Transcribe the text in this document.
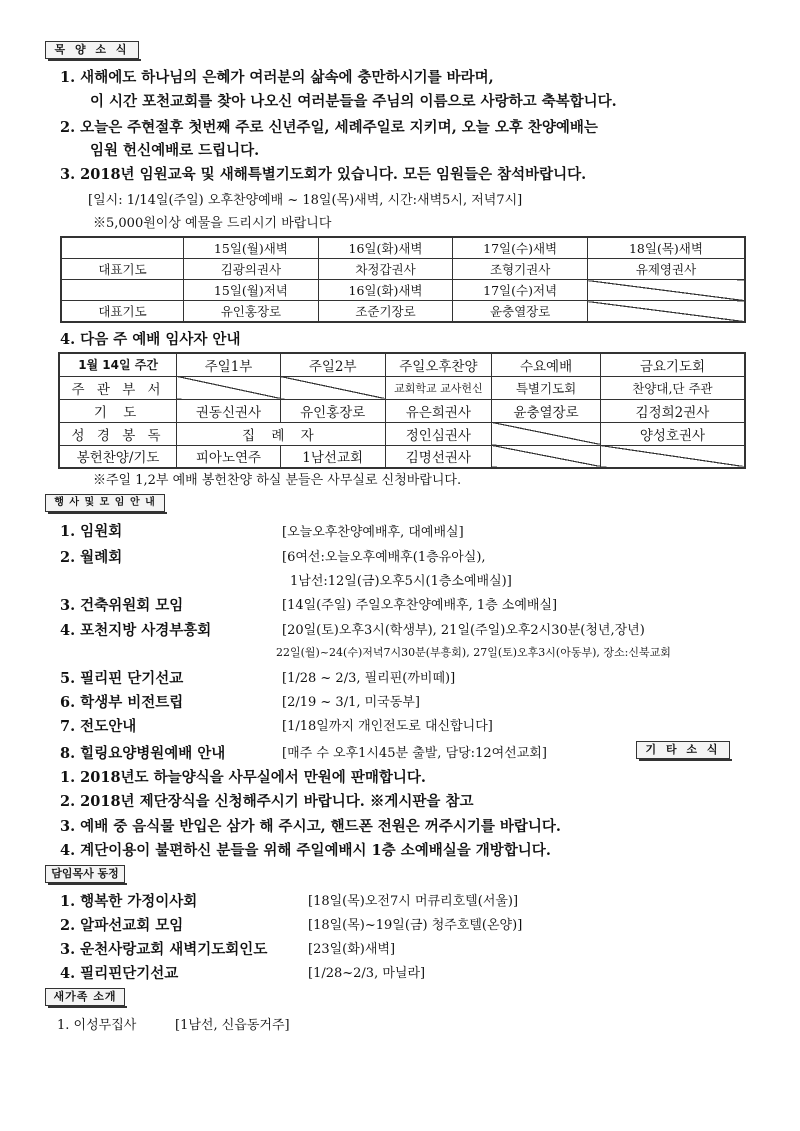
목 양 소 식
1. 새해에도 하나님의 은혜가 여러분의 삶속에 충만하시기를 바라며,
이 시간 포천교회를 찾아 나오신 여러분들을 주님의 이름으로 사랑하고 축복합니다.
2. 오늘은 주현절후 첫번째 주로 신년주일, 세례주일로 지키며, 오늘 오후 찬양예배는
임원 헌신예배로 드립니다.
3. 2018년 임원교육 및 새해특별기도회가 있습니다. 모든 임원들은 참석바랍니다.
[일시: 1/14일(주일) 오후찬양예배 ~ 18일(목)새벽, 시간:새벽5시, 저녁7시]
※5,000원이상 예물을 드리시기 바랍니다
	15일(월)새벽	16일(화)새벽	17일(수)새벽	18일(목)새벽
대표기도	김광의권사	차정갑권사	조형기권사	유제영권사
	15일(월)저녁	16일(화)새벽	17일(수)저녁	
대표기도	유인홍장로	조준기장로	윤충열장로	
4. 다음 주 예배 임사자 안내
1월 14일 주간	주일1부	주일2부	주일오후찬양	수요예배	금요기도회
주 관 부 서			교회학교 교사헌신	특별기도회	찬양대,단 주관
기 도	권동신권사	유인홍장로	유은희권사	윤충열장로	김정희2권사
성 경 봉 독	집 례 자		정인심권사		양성호권사
봉헌찬양/기도	피아노연주	1남선교회	김명선권사		
※주일 1,2부 예배 봉헌찬양 하실 분들은 사무실로 신청바랍니다.
행 사 및 모 임 안 내
1. 임원회	[오늘오후찬양예배후, 대예배실]
2. 월례회	[6여선:오늘오후예배후(1층유아실),
1남선:12일(금)오후5시(1층소예배실)]
3. 건축위원회 모임	[14일(주일) 주일오후찬양예배후, 1층 소예배실]
4. 포천지방 사경부흥회	[20일(토)오후3시(학생부), 21일(주일)오후2시30분(청년,장년)
22일(월)~24(수)저녁7시30분(부흥회), 27일(토)오후3시(아동부), 장소:신북교회
5. 필리핀 단기선교	[1/28 ~ 2/3, 필리핀(까비떼)]
6. 학생부 비전트립	[2/19 ~ 3/1, 미국동부]
7. 전도안내	[1/18일까지 개인전도로 대신합니다]
8. 힐링요양병원예배 안내	[매주 수 오후1시45분 출발, 담당:12여선교회]	기 타 소 식
1. 2018년도 하늘양식을 사무실에서 만원에 판매합니다.
2. 2018년 제단장식을 신청해주시기 바랍니다. ※게시판을 참고
3. 예배 중 음식물 반입은 삼가 해 주시고, 핸드폰 전원은 꺼주시기를 바랍니다.
4. 계단이용이 불편하신 분들을 위해 주일예배시 1층 소예배실을 개방합니다.
담임목사 동정
1. 행복한 가정이사회	[18일(목)오전7시 머큐리호텔(서울)]
2. 알파선교회 모임	[18일(목)~19일(금) 청주호텔(온양)]
3. 운천사랑교회 새벽기도회인도	[23일(화)새벽]
4. 필리핀단기선교	[1/28~2/3, 마닐라]
새가족 소개
1. 이성무집사	[1남선, 신읍동거주]
